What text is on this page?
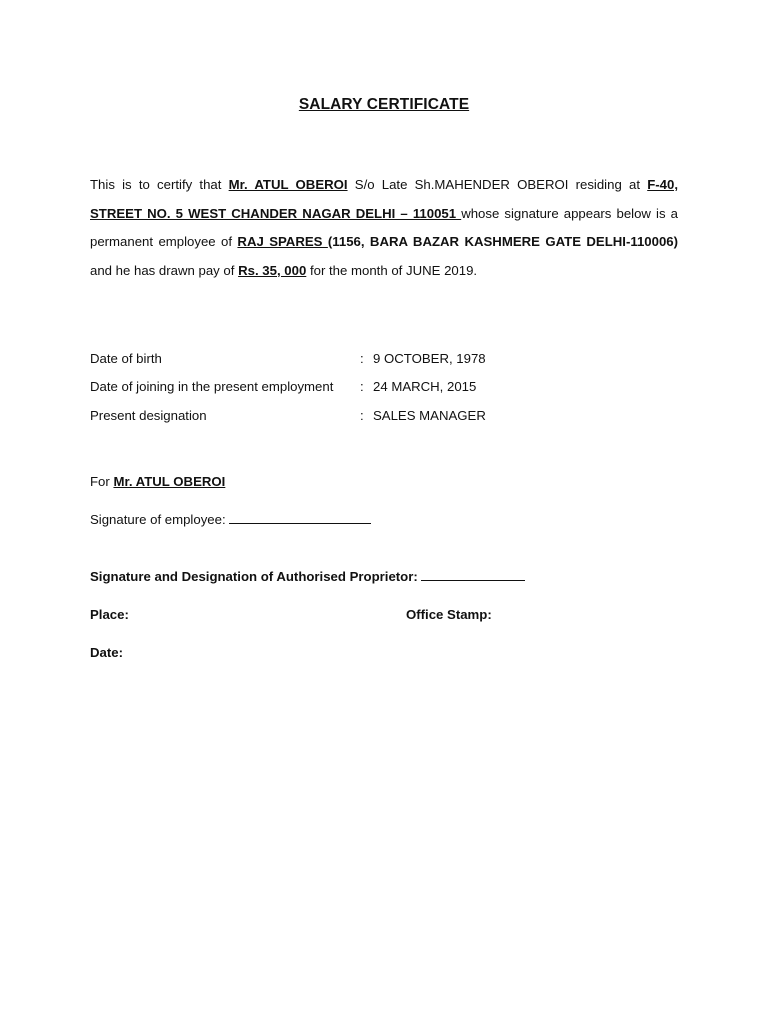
SALARY CERTIFICATE
This is to certify that Mr. ATUL OBEROI S/o Late Sh.MAHENDER OBEROI residing at F-40, STREET NO. 5 WEST CHANDER NAGAR DELHI – 110051 whose signature appears below is a permanent employee of RAJ SPARES (1156, BARA BAZAR KASHMERE GATE DELHI-110006) and he has drawn pay of Rs. 35, 000 for the month of JUNE 2019.
Date of birth	: 9 OCTOBER, 1978
Date of joining in the present employment : 24 MARCH, 2015
Present designation	: SALES MANAGER
For Mr. ATUL OBEROI
Signature of employee:
Signature and Designation of Authorised Proprietor:
Place:	Office Stamp:
Date:
